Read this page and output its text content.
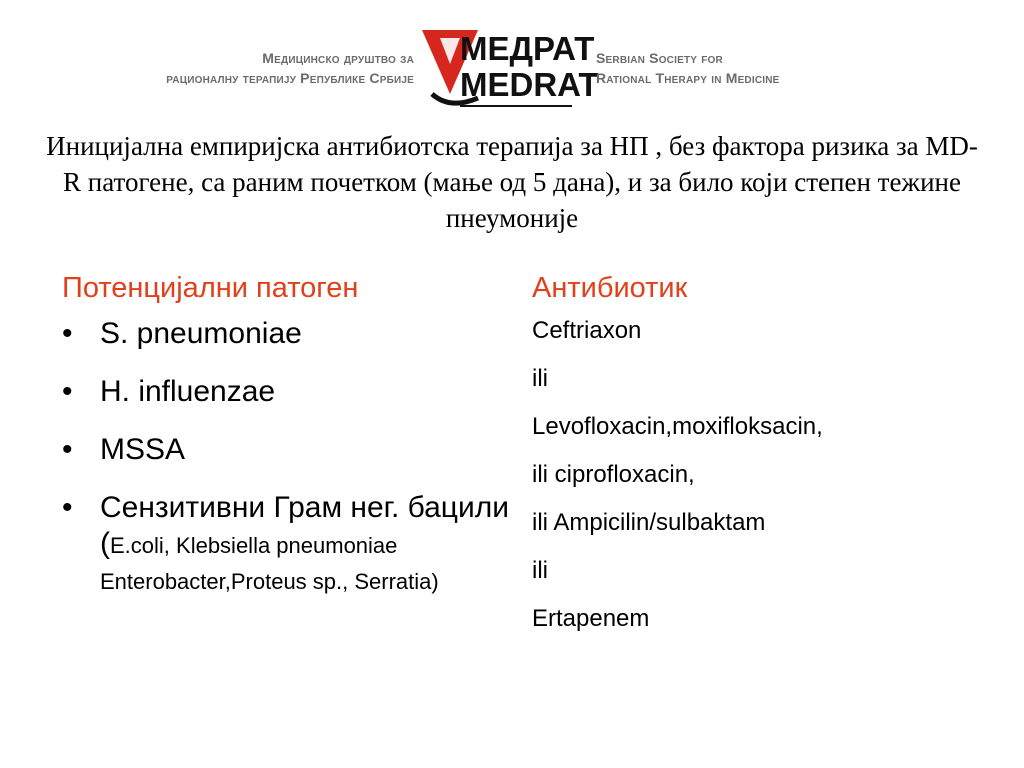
Медицинско друштво за
рационалну терапију Републике Србије
МЕДРАТ
MEDRAT
Serbian Society for
Rational Therapy in Medicine
Иницијална емпиријска антибиотска терапија за НП , без фактора ризика за MD-R патогене, са раним почетком (мање од 5 дана), и за било који степен тежине пнеумоније
Потенцијални патоген
• S. pneumoniae
• H. influenzae
• MSSA
• Сензитивни Грам нег. бацили (E.coli, Klebsiella pneumoniae Enterobacter,Proteus sp., Serratia)
Антибиотик
Ceftriaxon
ili
Levofloxacin,moxifloksacin,
ili ciprofloxacin,
ili Ampicilin/sulbaktam
ili
Ertapenem
